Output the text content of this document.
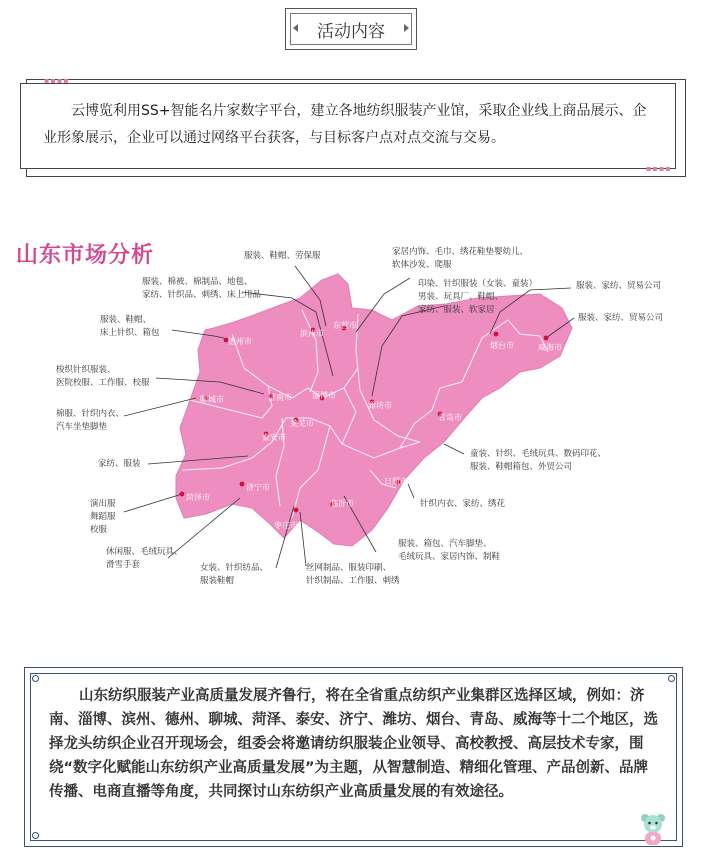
活动内容

云博览利用SS+智能名片家数字平台，建立各地纺织服装产业馆，采取企业线上商品展示、企业形象展示，企业可以通过网络平台获客，与目标客户点对点交流与交易。

▪▪▪▪
▪▪▪▪
山东市场分析
德州市
滨州市
东营市
烟台市	威海市
聊城市	济南市	淄博市
潍坊市
青岛市
泰安市
莱芜市
菏泽市
济宁市
临沂市
日照市
枣庄市
服装、鞋帽、劳保服	家居内饰、毛巾、绣花鞋垫婴幼儿、
软体沙发、爬服
服装、棉被、棉制品、地毯、
家纺、针织品、刺绣、床上用品
印染、针织服装（女装、童装）
男装、玩具厂、鞋帽、
家纺、服装、软家居
服装、家纺、贸易公司
服装、家纺、贸易公司
服装、鞋帽、
床上针织、箱包
梭织针织服装、
医院校服、工作服、校服
棉服、针织内衣、
汽车坐垫脚垫
家纺、服装
演出服
舞蹈服
校服
休闲服、毛绒玩具、
滑雪手套
童装、针织、毛绒玩具、数码印花、
服装、鞋帽箱包、外贸公司
针织内衣、家纺、绣花
服装、箱包、汽车脚垫、
毛绒玩具、家居内饰、制鞋
女装、针织纺品、
服装鞋帽
丝网制品、服装印刷、
针织制品、工作服、刺绣

山东纺织服装产业高质量发展齐鲁行，将在全省重点纺织产业集群区选择区域，例如：济南、淄博、滨州、德州、聊城、菏泽、泰安、济宁、潍坊、烟台、青岛、威海等十二个地区，选择龙头纺织企业召开现场会，组委会将邀请纺织服装企业领导、高校教授、高层技术专家，围绕“数字化赋能山东纺织产业高质量发展”为主题，从智慧制造、精细化管理、产品创新、品牌传播、电商直播等角度，共同探讨山东纺织产业高质量发展的有效途径。
